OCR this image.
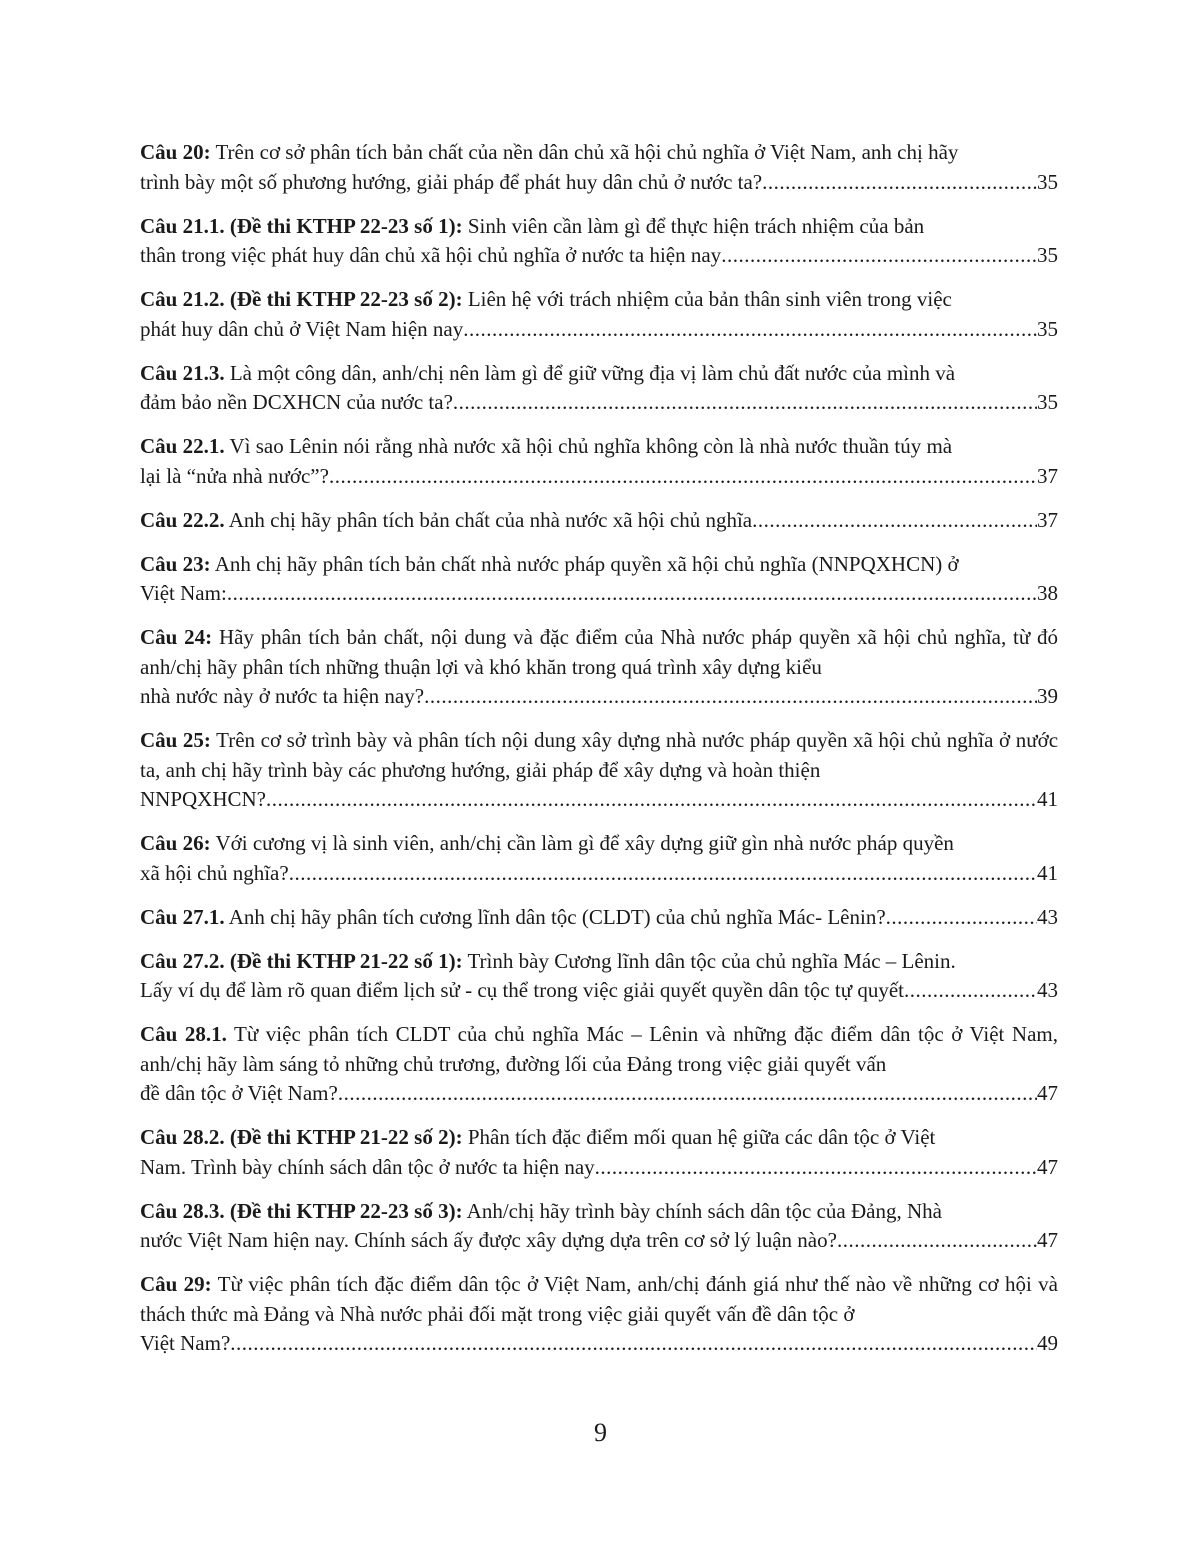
Câu 20: Trên cơ sở phân tích bản chất của nền dân chủ xã hội chủ nghĩa ở Việt Nam, anh chị hãy
trình bày một số phương hướng, giải pháp để phát huy dân chủ ở nước ta? .....	35
Câu 21.1. (Đề thi KTHP 22-23 số 1): Sinh viên cần làm gì để thực hiện trách nhiệm của bản
thân trong việc phát huy dân chủ xã hội chủ nghĩa ở nước ta hiện nay .....	35
Câu 21.2. (Đề thi KTHP 22-23 số 2): Liên hệ với trách nhiệm của bản thân sinh viên trong việc
phát huy dân chủ ở Việt Nam hiện nay .....	35
Câu 21.3. Là một công dân, anh/chị nên làm gì để giữ vững địa vị làm chủ đất nước của mình và
đảm bảo nền DCXHCN của nước ta? .....	35
Câu 22.1. Vì sao Lênin nói rằng nhà nước xã hội chủ nghĩa không còn là nhà nước thuần túy mà
lại là “nửa nhà nước”? .....	37
Câu 22.2. Anh chị hãy phân tích bản chất của nhà nước xã hội chủ nghĩa .....	37
Câu 23: Anh chị hãy phân tích bản chất nhà nước pháp quyền xã hội chủ nghĩa (NNPQXHCN) ở
Việt Nam: .....	38
Câu 24: Hãy phân tích bản chất, nội dung và đặc điểm của Nhà nước pháp quyền xã hội chủ nghĩa, từ đó anh/chị hãy phân tích những thuận lợi và khó khăn trong quá trình xây dựng kiểu
nhà nước này ở nước ta hiện nay? .....	39
Câu 25: Trên cơ sở trình bày và phân tích nội dung xây dựng nhà nước pháp quyền xã hội chủ nghĩa ở nước ta, anh chị hãy trình bày các phương hướng, giải pháp để xây dựng và hoàn thiện
NNPQXHCN? .....	41
Câu 26: Với cương vị là sinh viên, anh/chị cần làm gì để xây dựng giữ gìn nhà nước pháp quyền
xã hội chủ nghĩa? .....	41
Câu 27.1. Anh chị hãy phân tích cương lĩnh dân tộc (CLDT) của chủ nghĩa Mác- Lênin? .....	43
Câu 27.2. (Đề thi KTHP 21-22 số 1): Trình bày Cương lĩnh dân tộc của chủ nghĩa Mác – Lênin.
Lấy ví dụ để làm rõ quan điểm lịch sử - cụ thể trong việc giải quyết quyền dân tộc tự quyết .....	43
Câu 28.1. Từ việc phân tích CLDT của chủ nghĩa Mác – Lênin và những đặc điểm dân tộc ở Việt Nam, anh/chị hãy làm sáng tỏ những chủ trương, đường lối của Đảng trong việc giải quyết vấn
đề dân tộc ở Việt Nam? .....	47
Câu 28.2. (Đề thi KTHP 21-22 số 2): Phân tích đặc điểm mối quan hệ giữa các dân tộc ở Việt
Nam. Trình bày chính sách dân tộc ở nước ta hiện nay .....	47
Câu 28.3. (Đề thi KTHP 22-23 số 3): Anh/chị hãy trình bày chính sách dân tộc của Đảng, Nhà
nước Việt Nam hiện nay. Chính sách ấy được xây dựng dựa trên cơ sở lý luận nào? .....	47
Câu 29: Từ việc phân tích đặc điểm dân tộc ở Việt Nam, anh/chị đánh giá như thế nào về những cơ hội và thách thức mà Đảng và Nhà nước phải đối mặt trong việc giải quyết vấn đề dân tộc ở
Việt Nam? .....	49
9
